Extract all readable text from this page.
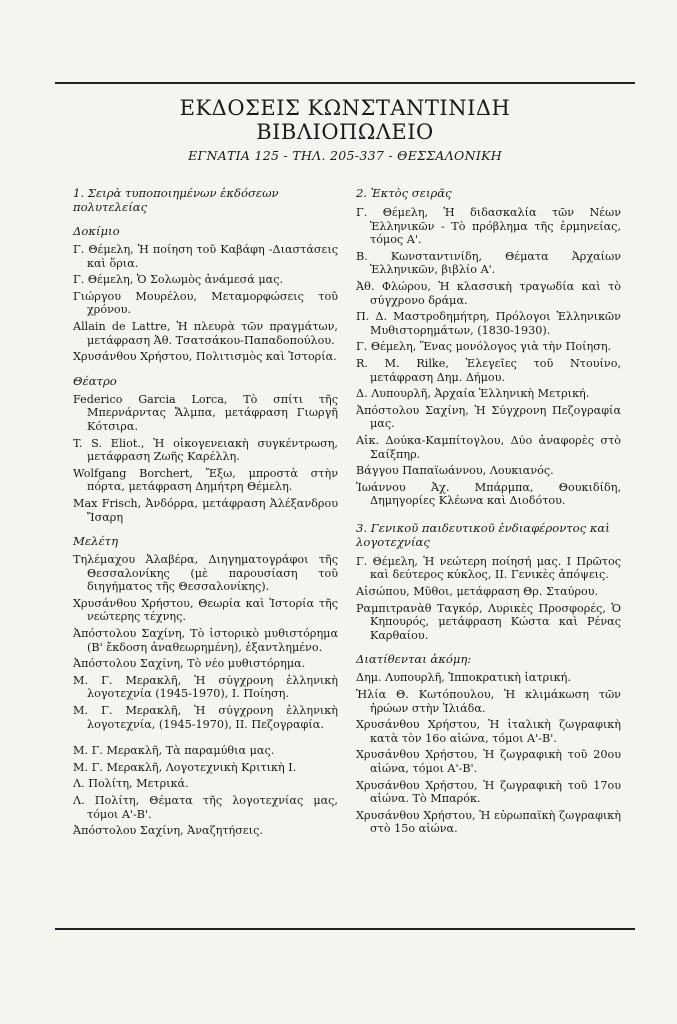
ΕΚΔΟΣΕΙΣ ΚΩΝΣΤΑΝΤΙΝΙΔΗ
ΒΙΒΛΙΟΠΩΛΕΙΟ
ΕΓΝΑΤΙΑ 125 - ΤΗΛ. 205-337 - ΘΕΣΣΑΛΟΝΙΚΗ
1. Σειρὰ τυποποιημένων ἐκδόσεων πολυτελείας
Δοκίμιο
Γ. Θέμελη, Ἡ ποίηση τοῦ Καβάφη -Διαστάσεις καὶ ὅρια.
Γ. Θέμελη, Ὁ Σολωμὸς ἀνάμεσά μας.
Γιώργου Μουρέλου, Μεταμορφώσεις τοῦ χρόνου.
Allain de Lattre, Ἡ πλευρὰ τῶν πραγμάτων, μετάφραση Ἀθ. Τσατσάκου-Παπαδοπούλου.
Χρυσάνθου Χρήστου, Πολιτισμὸς καὶ Ἱστορία.
Θέατρο
Federico Garcia Lorca, Τὸ σπίτι τῆς Μπερνάρντας Ἄλμπα, μετάφραση Γιωργῆ Κότσιρα.
T. S. Eliot., Ἡ οἰκογενειακὴ συγκέντρωση, μετάφραση Ζωῆς Καρέλλη.
Wolfgang Borchert, Ἔξω, μπροστὰ στὴν πόρτα, μετάφραση Δημήτρη Θέμελη.
Max Frisch, Ἀνδόρρα, μετάφραση Ἀλέξανδρου Ἴσαρη
Μελέτη
Τηλέμαχου Ἀλαβέρα, Διηγηματογράφοι τῆς Θεσσαλονίκης (μὲ παρουσίαση τοῦ διηγήματος τῆς Θεσσαλονίκης).
Χρυσάνθου Χρήστου, Θεωρία καὶ Ἱστορία τῆς νεώτερης τέχνης.
Ἀπόστολου Σαχίνη, Τὸ ἱστορικὸ μυθιστόρημα (Β' ἔκδοση ἀναθεωρημένη), ἐξαντλημένο.
Ἀπόστολου Σαχίνη, Τὸ νέο μυθιστόρημα.
Μ. Γ. Μερακλῆ, Ἡ σύγχρονη ἑλληνικὴ λογοτεχνία (1945-1970), Ι. Ποίηση.
Μ. Γ. Μερακλῆ, Ἡ σύγχρονη ἑλληνικὴ λογοτεχνία, (1945-1970), ΙΙ. Πεζογραφία.
Μ. Γ. Μερακλῆ, Τὰ παραμύθια μας.
Μ. Γ. Μερακλῆ, Λογοτεχνικὴ Κριτικὴ Ι.
Λ. Πολίτη, Μετρικά.
Λ. Πολίτη, Θέματα τῆς λογοτεχνίας μας, τόμοι Α'-Β'.
Ἀπόστολου Σαχίνη, Ἀναζητήσεις.
2. Ἐκτὸς σειρᾶς
Γ. Θέμελη, Ἡ διδασκαλία τῶν Νέων Ἑλληνικῶν - Τὸ πρόβλημα τῆς ἑρμηνείας, τόμος Α'.
Β. Κωνσταντινίδη, Θέματα Ἀρχαίων Ἑλληνικῶν, βιβλίο Α'.
Ἀθ. Φλώρου, Ἡ κλασσικὴ τραγωδία καὶ τὸ σύγχρονο δράμα.
Π. Δ. Μαστροδημήτρη, Πρόλογοι Ἑλληνικῶν Μυθιστορημάτων, (1830-1930).
Γ. Θέμελη, Ἕνας μονόλογος γιὰ τὴν Ποίηση.
R. M. Rilke, Ἐλεγεῖες τοῦ Ντουίνο, μετάφραση Δημ. Δήμου.
Δ. Λυπουρλῆ, Ἀρχαία Ἑλληνικὴ Μετρική.
Ἀπόστολου Σαχίνη, Ἡ Σύγχρονη Πεζογραφία μας.
Αἰκ. Δούκα-Καμπίτογλου, Δύο ἀναφορὲς στὸ Σαίξπηρ.
Βάγγου Παπαϊωάννου, Λουκιανός.
Ἰωάννου Ἀχ. Μπάρμπα, Θουκιδίδη, Δημηγορίες Κλέωνα καὶ Διοδότου.
3. Γενικοῦ παιδευτικοῦ ἐνδιαφέροντος καὶ λογοτεχνίας
Γ. Θέμελη, Ἡ νεώτερη ποίησή μας. Ι Πρῶτος καὶ δεύτερος κύκλος, ΙΙ. Γενικὲς ἀπόψεις.
Αἰσώπου, Μῦθοι, μετάφραση Θρ. Σταύρου.
Ραμπιτρανὰθ Ταγκόρ, Λυρικὲς Προσφορές, Ὁ Κηπουρός, μετάφραση Κώστα καὶ Ρένας Καρθαίου.
Διατίθενται ἀκόμη:
Δημ. Λυπουρλῆ, Ἱπποκρατικὴ ἰατρική.
Ἡλία Θ. Κωτόπουλου, Ἡ κλιμάκωση τῶν ἡρώων στὴν Ἰλιάδα.
Χρυσάνθου Χρήστου, Ἡ ἰταλικὴ ζωγραφικὴ κατὰ τὸν 16ο αἰώνα, τόμοι Α'-Β'.
Χρυσάνθου Χρήστου, Ἡ ζωγραφικὴ τοῦ 20ου αἰώνα, τόμοι Α'-Β'.
Χρυσάνθου Χρήστου, Ἡ ζωγραφικὴ τοῦ 17ου αἰώνα. Τὸ Μπαρόκ.
Χρυσάνθου Χρήστου, Ἡ εὐρωπαϊκὴ ζωγραφικὴ στὸ 15ο αἰώνα.
